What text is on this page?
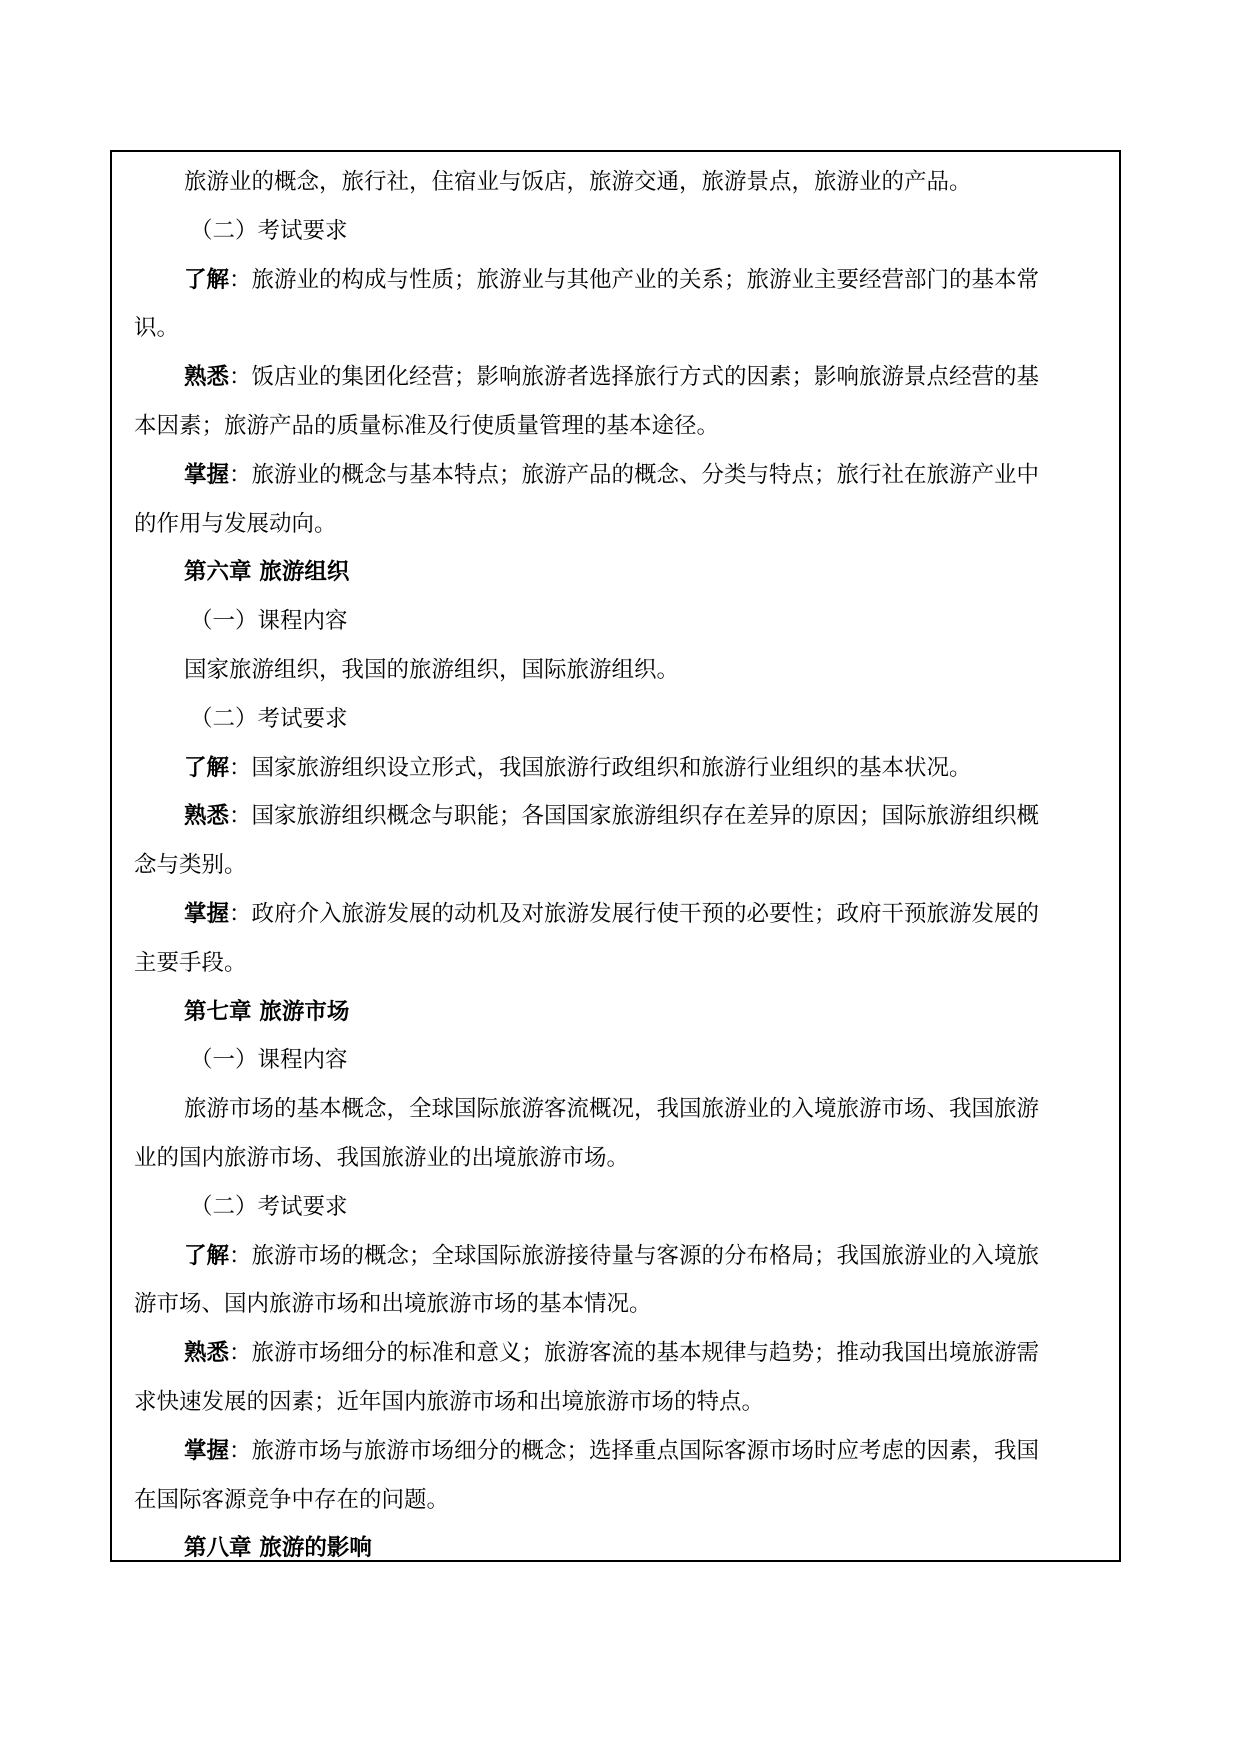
旅游业的概念，旅行社，住宿业与饭店，旅游交通，旅游景点，旅游业的产品。
（二）考试要求
了解：旅游业的构成与性质；旅游业与其他产业的关系；旅游业主要经营部门的基本常
识。
熟悉：饭店业的集团化经营；影响旅游者选择旅行方式的因素；影响旅游景点经营的基
本因素；旅游产品的质量标准及行使质量管理的基本途径。
掌握：旅游业的概念与基本特点；旅游产品的概念、分类与特点；旅行社在旅游产业中
的作用与发展动向。
第六章 旅游组织
（一）课程内容
国家旅游组织，我国的旅游组织，国际旅游组织。
（二）考试要求
了解：国家旅游组织设立形式，我国旅游行政组织和旅游行业组织的基本状况。
熟悉：国家旅游组织概念与职能；各国国家旅游组织存在差异的原因；国际旅游组织概
念与类别。
掌握：政府介入旅游发展的动机及对旅游发展行使干预的必要性；政府干预旅游发展的
主要手段。
第七章 旅游市场
（一）课程内容
旅游市场的基本概念，全球国际旅游客流概况，我国旅游业的入境旅游市场、我国旅游
业的国内旅游市场、我国旅游业的出境旅游市场。
（二）考试要求
了解：旅游市场的概念；全球国际旅游接待量与客源的分布格局；我国旅游业的入境旅
游市场、国内旅游市场和出境旅游市场的基本情况。
熟悉：旅游市场细分的标准和意义；旅游客流的基本规律与趋势；推动我国出境旅游需
求快速发展的因素；近年国内旅游市场和出境旅游市场的特点。
掌握：旅游市场与旅游市场细分的概念；选择重点国际客源市场时应考虑的因素，我国
在国际客源竞争中存在的问题。
第八章 旅游的影响
